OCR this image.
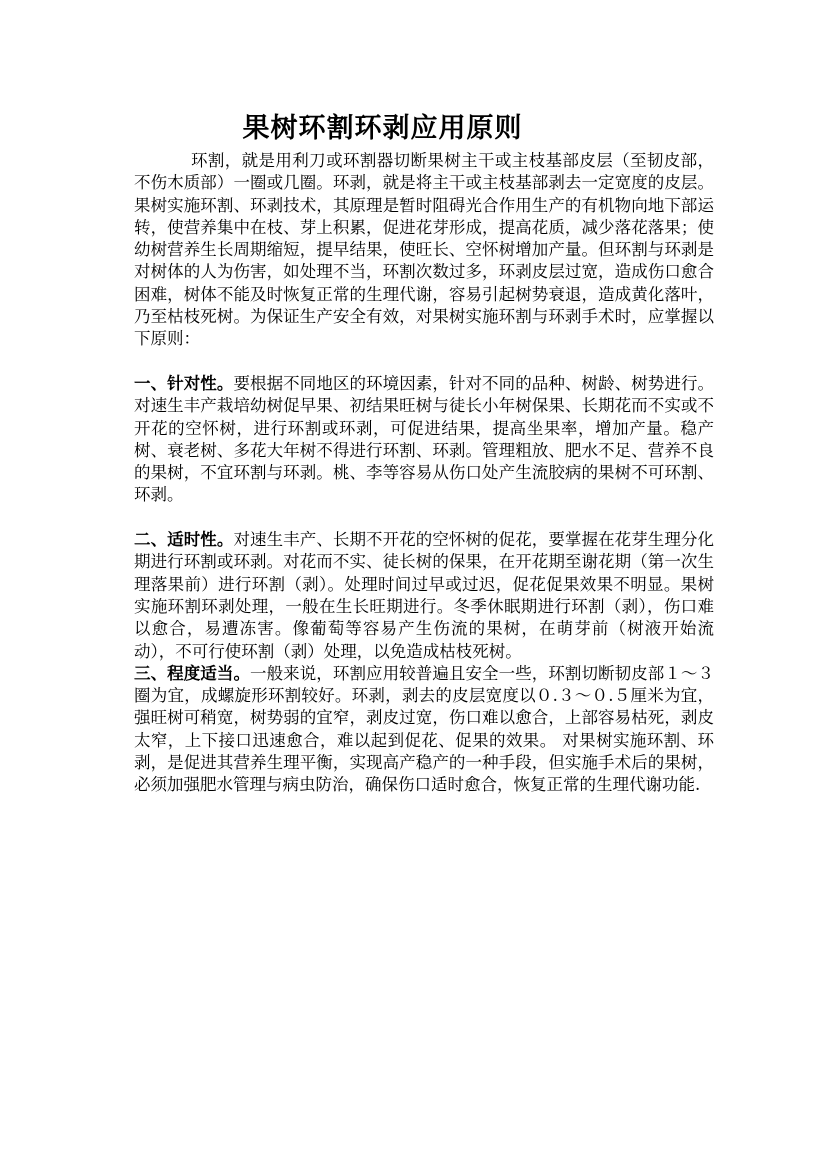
果树环割环剥应用原则

环割，就是用利刀或环割器切断果树主干或主枝基部皮层（至韧皮部，不伤木质部）一圈或几圈。环剥，就是将主干或主枝基部剥去一定宽度的皮层。果树实施环割、环剥技术，其原理是暂时阻碍光合作用生产的有机物向地下部运转，使营养集中在枝、芽上积累，促进花芽形成，提高花质，减少落花落果；使幼树营养生长周期缩短，提早结果，使旺长、空怀树增加产量。但环割与环剥是对树体的人为伤害，如处理不当，环割次数过多，环剥皮层过宽，造成伤口愈合困难，树体不能及时恢复正常的生理代谢，容易引起树势衰退，造成黄化落叶，乃至枯枝死树。为保证生产安全有效，对果树实施环割与环剥手术时，应掌握以下原则：

一、针对性。要根据不同地区的环境因素，针对不同的品种、树龄、树势进行。对速生丰产栽培幼树促早果、初结果旺树与徒长小年树保果、长期花而不实或不开花的空怀树，进行环割或环剥，可促进结果，提高坐果率，增加产量。稳产树、衰老树、多花大年树不得进行环割、环剥。管理粗放、肥水不足、营养不良的果树，不宜环割与环剥。桃、李等容易从伤口处产生流胶病的果树不可环割、环剥。

二、适时性。对速生丰产、长期不开花的空怀树的促花，要掌握在花芽生理分化期进行环割或环剥。对花而不实、徒长树的保果，在开花期至谢花期（第一次生理落果前）进行环割（剥）。处理时间过早或过迟，促花促果效果不明显。果树实施环割环剥处理，一般在生长旺期进行。冬季休眠期进行环割（剥），伤口难以愈合，易遭冻害。像葡萄等容易产生伤流的果树，在萌芽前（树液开始流动），不可行使环割（剥）处理，以免造成枯枝死树。

三、程度适当。一般来说，环割应用较普遍且安全一些，环割切断韧皮部１～３圈为宜，成螺旋形环割较好。环剥，剥去的皮层宽度以０.３～０.５厘米为宜，强旺树可稍宽，树势弱的宜窄，剥皮过宽，伤口难以愈合，上部容易枯死，剥皮太窄，上下接口迅速愈合，难以起到促花、促果的效果。 对果树实施环割、环剥，是促进其营养生理平衡，实现高产稳产的一种手段，但实施手术后的果树，必须加强肥水管理与病虫防治，确保伤口适时愈合，恢复正常的生理代谢功能.
